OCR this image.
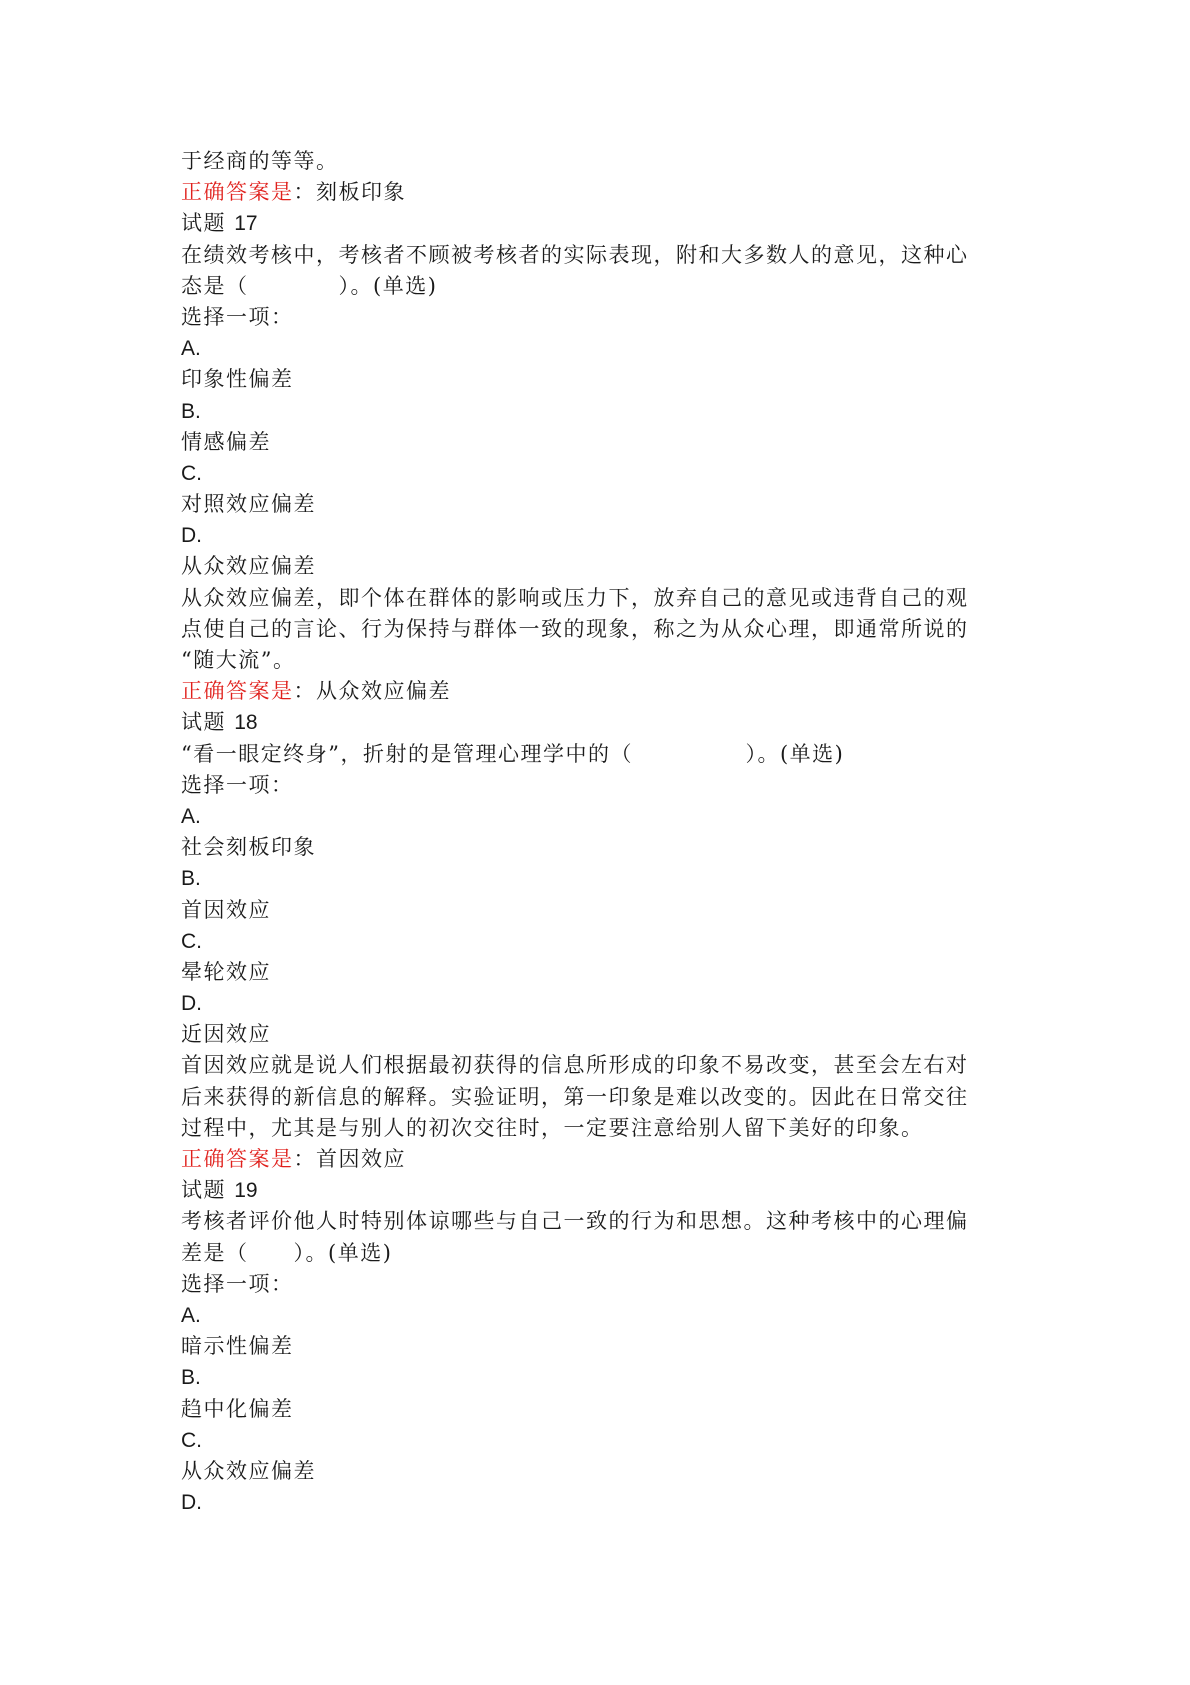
于经商的等等。
正确答案是：刻板印象
试题 17
在绩效考核中，考核者不顾被考核者的实际表现，附和大多数人的意见，这种心
态是（　　　　）。(单选)
选择一项：
A.
印象性偏差
B.
情感偏差
C.
对照效应偏差
D.
从众效应偏差
从众效应偏差，即个体在群体的影响或压力下，放弃自己的意见或违背自己的观
点使自己的言论、行为保持与群体一致的现象，称之为从众心理，即通常所说的
“随大流”。
正确答案是：从众效应偏差
试题 18
“看一眼定终身”，折射的是管理心理学中的（　　　　　）。(单选)
选择一项：
A.
社会刻板印象
B.
首因效应
C.
晕轮效应
D.
近因效应
首因效应就是说人们根据最初获得的信息所形成的印象不易改变，甚至会左右对
后来获得的新信息的解释。实验证明，第一印象是难以改变的。因此在日常交往
过程中，尤其是与别人的初次交往时，一定要注意给别人留下美好的印象。
正确答案是：首因效应
试题 19
考核者评价他人时特别体谅哪些与自己一致的行为和思想。这种考核中的心理偏
差是（　　）。(单选)
选择一项：
A.
暗示性偏差
B.
趋中化偏差
C.
从众效应偏差
D.
